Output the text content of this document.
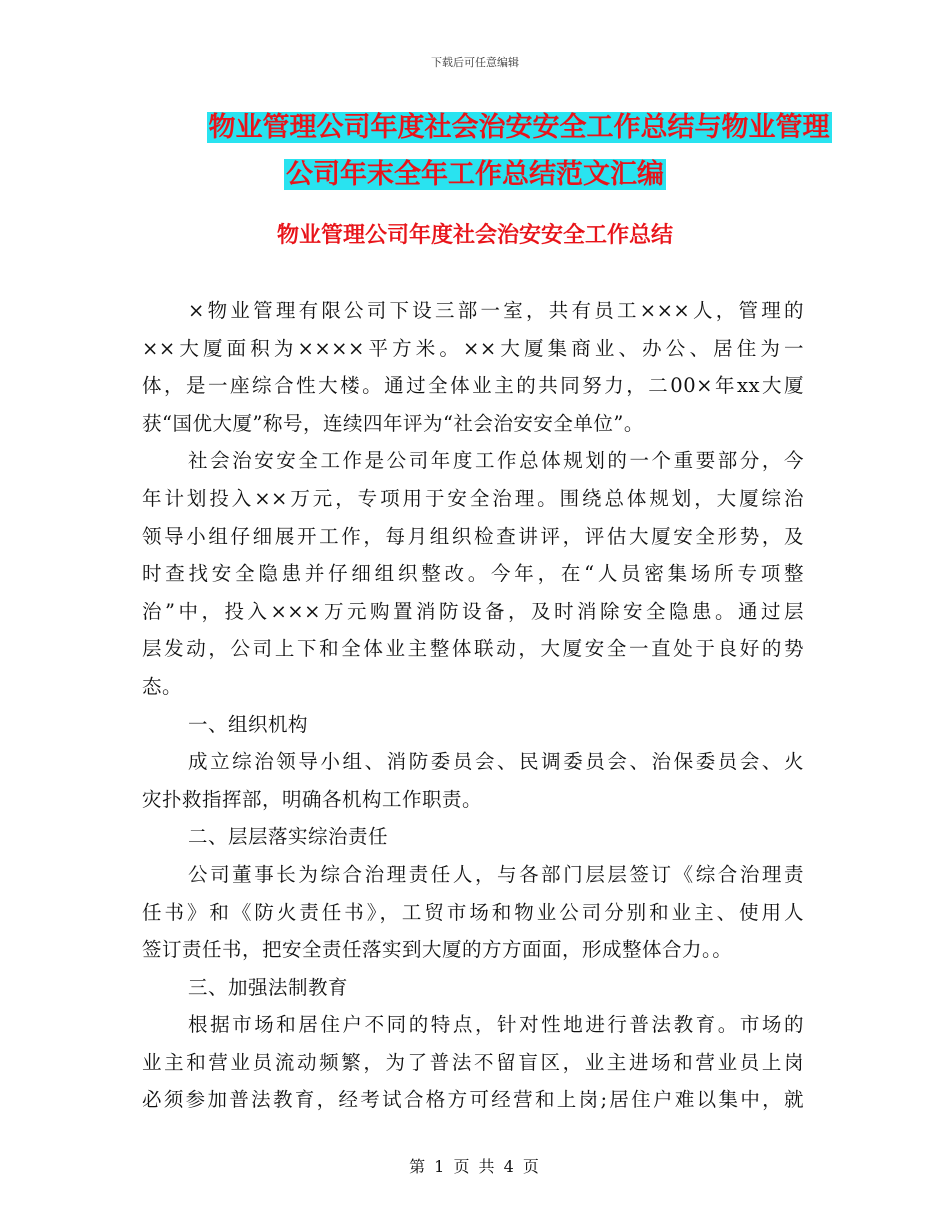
下载后可任意编辑
物业管理公司年度社会治安安全工作总结与物业管理
公司年末全年工作总结范文汇编
物业管理公司年度社会治安安全工作总结
×物业管理有限公司下设三部一室，共有员工×××人，管理的
××大厦面积为××××平方米。××大厦集商业、办公、居住为一
体，是一座综合性大楼。通过全体业主的共同努力，二00×年xx大厦
获“国优大厦”称号，连续四年评为“社会治安安全单位”。
社会治安安全工作是公司年度工作总体规划的一个重要部分，今
年计划投入××万元，专项用于安全治理。围绕总体规划，大厦综治
领导小组仔细展开工作，每月组织检查讲评，评估大厦安全形势，及
时查找安全隐患并仔细组织整改。今年，在“人员密集场所专项整
治”中，投入×××万元购置消防设备，及时消除安全隐患。通过层
层发动，公司上下和全体业主整体联动，大厦安全一直处于良好的势
态。
一、组织机构
成立综治领导小组、消防委员会、民调委员会、治保委员会、火
灾扑救指挥部，明确各机构工作职责。
二、层层落实综治责任
公司董事长为综合治理责任人，与各部门层层签订《综合治理责
任书》和《防火责任书》，工贸市场和物业公司分别和业主、使用人
签订责任书，把安全责任落实到大厦的方方面面，形成整体合力。。
三、加强法制教育
根据市场和居住户不同的特点，针对性地进行普法教育。市场的
业主和营业员流动频繁，为了普法不留盲区，业主进场和营业员上岗
必须参加普法教育，经考试合格方可经营和上岗;居住户难以集中，就
第 1 页 共 4 页
